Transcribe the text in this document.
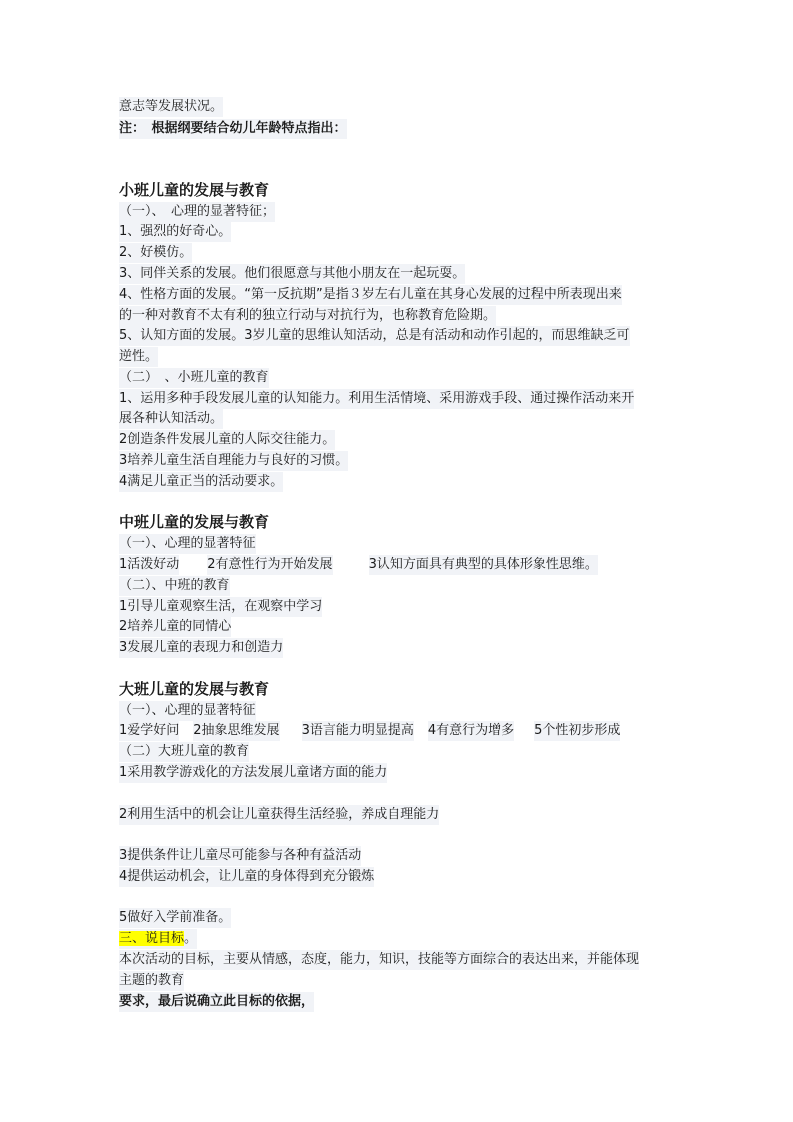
意志等发展状况。
注：　根据纲要结合幼儿年龄特点指出：
小班儿童的发展与教育
（一）、　心理的显著特征；
1、强烈的好奇心。
2、好模仿。
3、同伴关系的发展。他们很愿意与其他小朋友在一起玩耍。
4、性格方面的发展。“第一反抗期”是指３岁左右儿童在其身心发展的过程中所表现出来
的一种对教育不太有利的独立行动与对抗行为，也称教育危险期。
5、认知方面的发展。3岁儿童的思维认知活动，总是有活动和动作引起的，而思维缺乏可
逆性。
（二）　、小班儿童的教育
1、运用多种手段发展儿童的认知能力。利用生活情境、采用游戏手段、通过操作活动来开
展各种认知活动。
2创造条件发展儿童的人际交往能力。
3培养儿童生活自理能力与良好的习惯。
4满足儿童正当的活动要求。
中班儿童的发展与教育
（一）、心理的显著特征
1活泼好动 2有意性行为开始发展	3认知方面具有典型的具体形象性思维。
（二）、中班的教育
1引导儿童观察生活，在观察中学习
2培养儿童的同情心
3发展儿童的表现力和创造力
大班儿童的发展与教育
（一）、心理的显著特征
1爱学好问 2抽象思维发展 3语言能力明显提高 4有意行为增多 5个性初步形成
（二）大班儿童的教育
1采用教学游戏化的方法发展儿童诸方面的能力
2利用生活中的机会让儿童获得生活经验，养成自理能力
3提供条件让儿童尽可能参与各种有益活动
4提供运动机会，让儿童的身体得到充分锻炼
5做好入学前准备。
三、说目标。
本次活动的目标，主要从情感，态度，能力，知识，技能等方面综合的表达出来，并能体现
主题的教育
要求，最后说确立此目标的依据，
